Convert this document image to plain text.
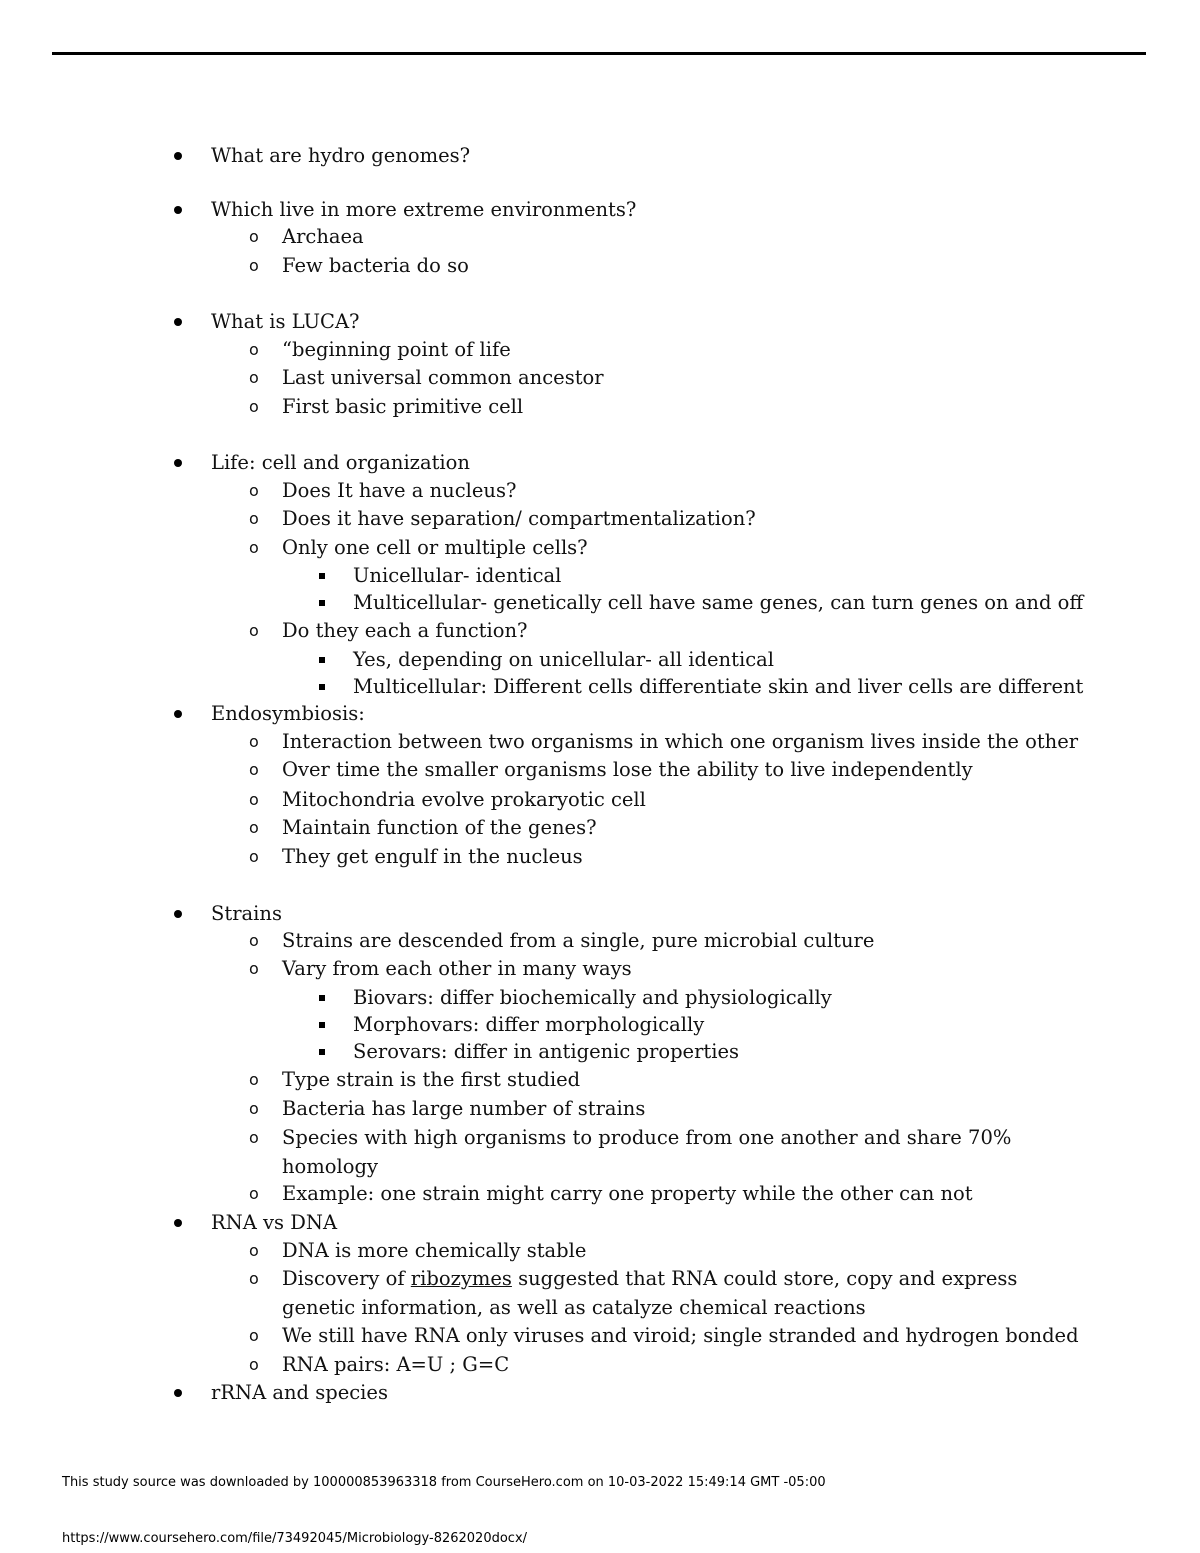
What are hydro genomes?
Which live in more extreme environments?
o Archaea
o Few bacteria do so
What is LUCA?
o “beginning point of life
o Last universal common ancestor
o First basic primitive cell
Life: cell and organization
o Does It have a nucleus?
o Does it have separation/ compartmentalization?
o Only one cell or multiple cells?
Unicellular- identical
Multicellular- genetically cell have same genes, can turn genes on and off
o Do they each a function?
Yes, depending on unicellular- all identical
Multicellular: Different cells differentiate skin and liver cells are different
Endosymbiosis:
o Interaction between two organisms in which one organism lives inside the other
o Over time the smaller organisms lose the ability to live independently
o Mitochondria evolve prokaryotic cell
o Maintain function of the genes?
o They get engulf in the nucleus
Strains
o Strains are descended from a single, pure microbial culture
o Vary from each other in many ways
Biovars: differ biochemically and physiologically
Morphovars: differ morphologically
Serovars: differ in antigenic properties
o Type strain is the first studied
o Bacteria has large number of strains
o Species with high organisms to produce from one another and share 70%
homology
o Example: one strain might carry one property while the other can not
RNA vs DNA
o DNA is more chemically stable
o Discovery of ribozymes suggested that RNA could store, copy and express
genetic information, as well as catalyze chemical reactions
o We still have RNA only viruses and viroid; single stranded and hydrogen bonded
o RNA pairs: A=U ; G=C
rRNA and species
This study source was downloaded by 100000853963318 from CourseHero.com on 10-03-2022 15:49:14 GMT -05:00
https://www.coursehero.com/file/73492045/Microbiology-8262020docx/
